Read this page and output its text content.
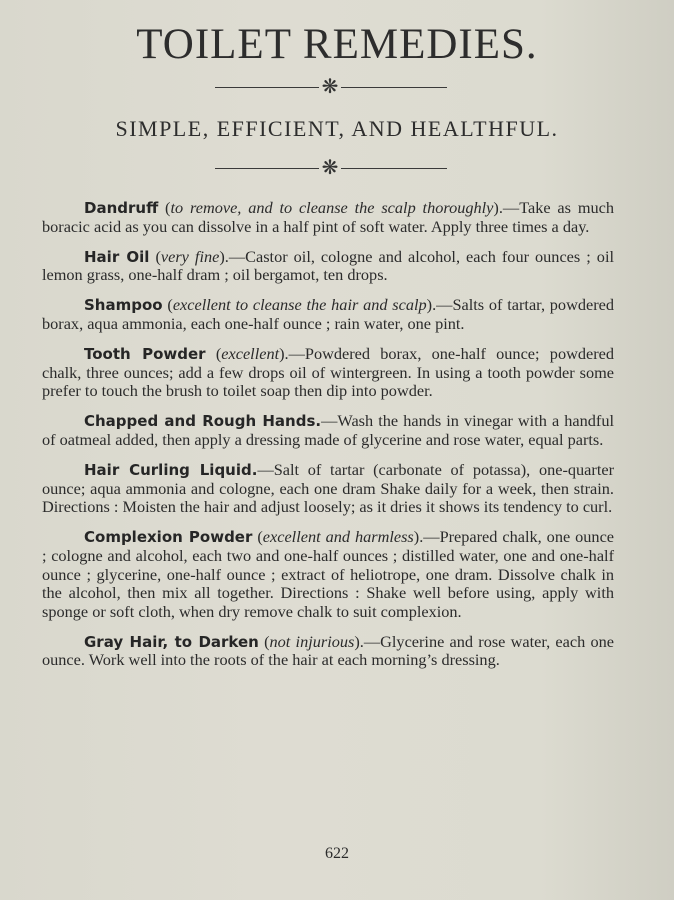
TOILET REMEDIES.
❋
SIMPLE, EFFICIENT, AND HEALTHFUL.
❋

Dandruff (to remove, and to cleanse the scalp thoroughly).—Take as much boracic acid as you can dissolve in a half pint of soft water. Apply three times a day.

Hair Oil (very fine).—Castor oil, cologne and alcohol, each four ounces ; oil lemon grass, one-half dram ; oil bergamot, ten drops.

Shampoo (excellent to cleanse the hair and scalp).—Salts of tartar, powdered borax, aqua ammonia, each one-half ounce ; rain water, one pint.

Tooth Powder (excellent).—Powdered borax, one-half ounce; powdered chalk, three ounces; add a few drops oil of wintergreen. In using a tooth powder some prefer to touch the brush to toilet soap then dip into powder.

Chapped and Rough Hands.—Wash the hands in vinegar with a handful of oatmeal added, then apply a dressing made of glycerine and rose water, equal parts.

Hair Curling Liquid.—Salt of tartar (carbonate of potassa), one-quarter ounce; aqua ammonia and cologne, each one dram Shake daily for a week, then strain. Directions : Moisten the hair and adjust loosely; as it dries it shows its tendency to curl.

Complexion Powder (excellent and harmless).—Prepared chalk, one ounce ; cologne and alcohol, each two and one-half ounces ; distilled water, one and one-half ounce ; glycerine, one-half ounce ; extract of heliotrope, one dram. Dissolve chalk in the alcohol, then mix all together. Directions : Shake well before using, apply with sponge or soft cloth, when dry remove chalk to suit complexion.

Gray Hair, to Darken (not injurious).—Glycerine and rose water, each one ounce. Work well into the roots of the hair at each morning’s dressing.

622
